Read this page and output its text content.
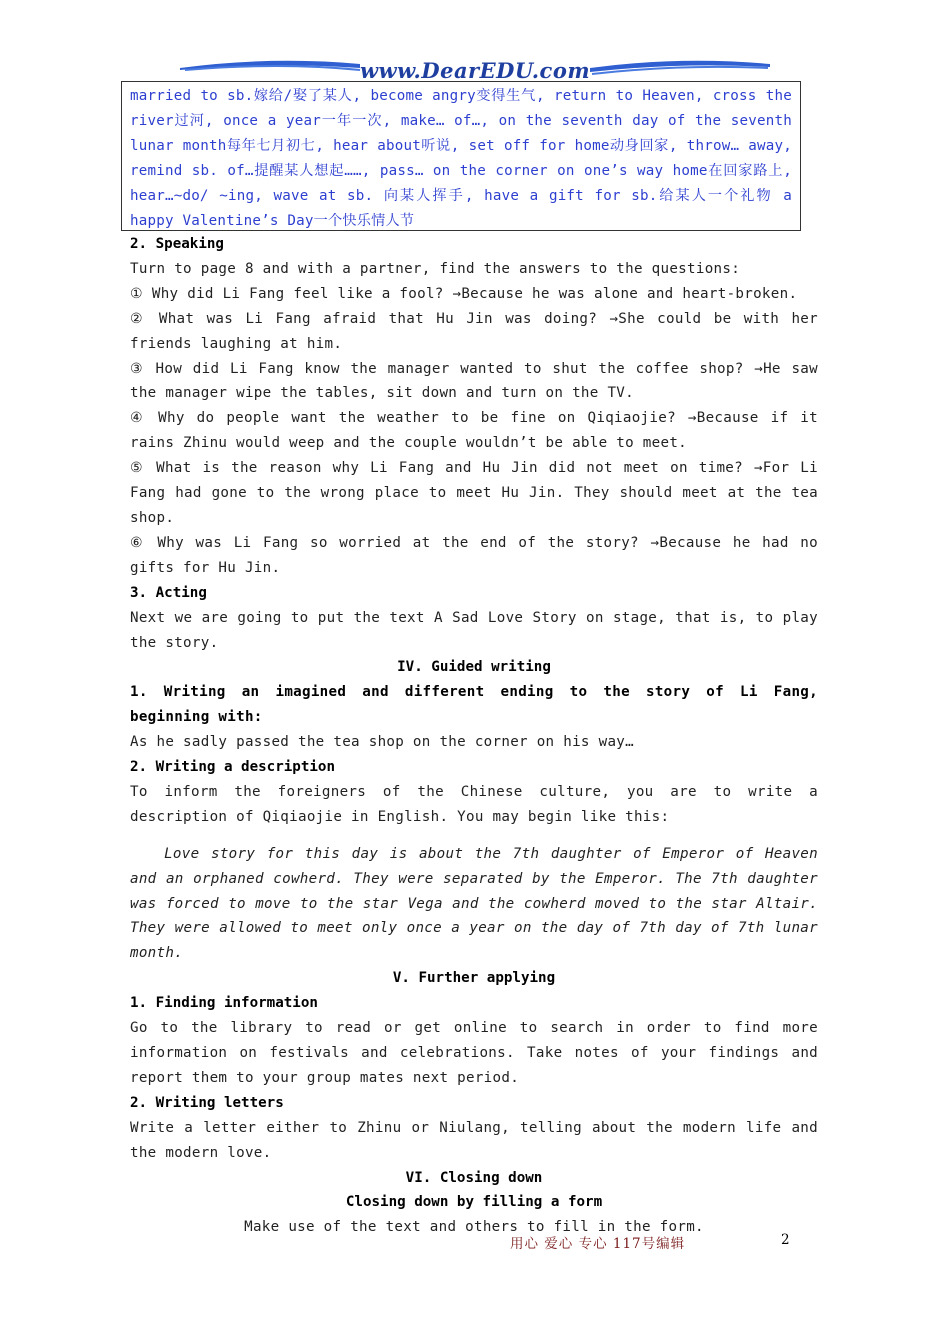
www.DearEDU.com
married to sb.嫁给/娶了某人, become angry变得生气, return to Heaven, cross the river过河, once a year一年一次, make… of…, on the seventh day of the seventh lunar month每年七月初七, hear about听说, set off for home动身回家, throw… away, remind sb. of…提醒某人想起……, pass… on the corner on one’s way home在回家路上, hear…~do/ ~ing, wave at sb. 向某人挥手, have a gift for sb.给某人一个礼物 a happy Valentine’s Day一个快乐情人节
2. Speaking
Turn to page 8 and with a partner, find the answers to the questions:
① Why did Li Fang feel like a fool? →Because he was alone and heart-broken.
② What was Li Fang afraid that Hu Jin was doing? →She could be with her friends laughing at him.
③ How did Li Fang know the manager wanted to shut the coffee shop? →He saw the manager wipe the tables, sit down and turn on the TV.
④ Why do people want the weather to be fine on Qiqiaojie? →Because if it rains Zhinu would weep and the couple wouldn’t be able to meet.
⑤ What is the reason why Li Fang and Hu Jin did not meet on time? →For Li Fang had gone to the wrong place to meet Hu Jin. They should meet at the tea shop.
⑥ Why was Li Fang so worried at the end of the story? →Because he had no gifts for Hu Jin.
3. Acting
Next we are going to put the text A Sad Love Story on stage, that is, to play the story.
IV. Guided writing
1. Writing an imagined and different ending to the story of Li Fang, beginning with:
As he sadly passed the tea shop on the corner on his way…
2. Writing a description
To inform the foreigners of the Chinese culture, you are to write a description of Qiqiaojie in English. You may begin like this:
Love story for this day is about the 7th daughter of Emperor of Heaven and an orphaned cowherd. They were separated by the Emperor. The 7th daughter was forced to move to the star Vega and the cowherd moved to the star Altair. They were allowed to meet only once a year on the day of 7th day of 7th lunar month.
V. Further applying
1. Finding information
Go to the library to read or get online to search in order to find more information on festivals and celebrations. Take notes of your findings and report them to your group mates next period.
2. Writing letters
Write a letter either to Zhinu or Niulang, telling about the modern life and the modern love.
VI. Closing down
Closing down by filling a form
Make use of the text and others to fill in the form.
用心 爱心 专心 117号编辑	2
